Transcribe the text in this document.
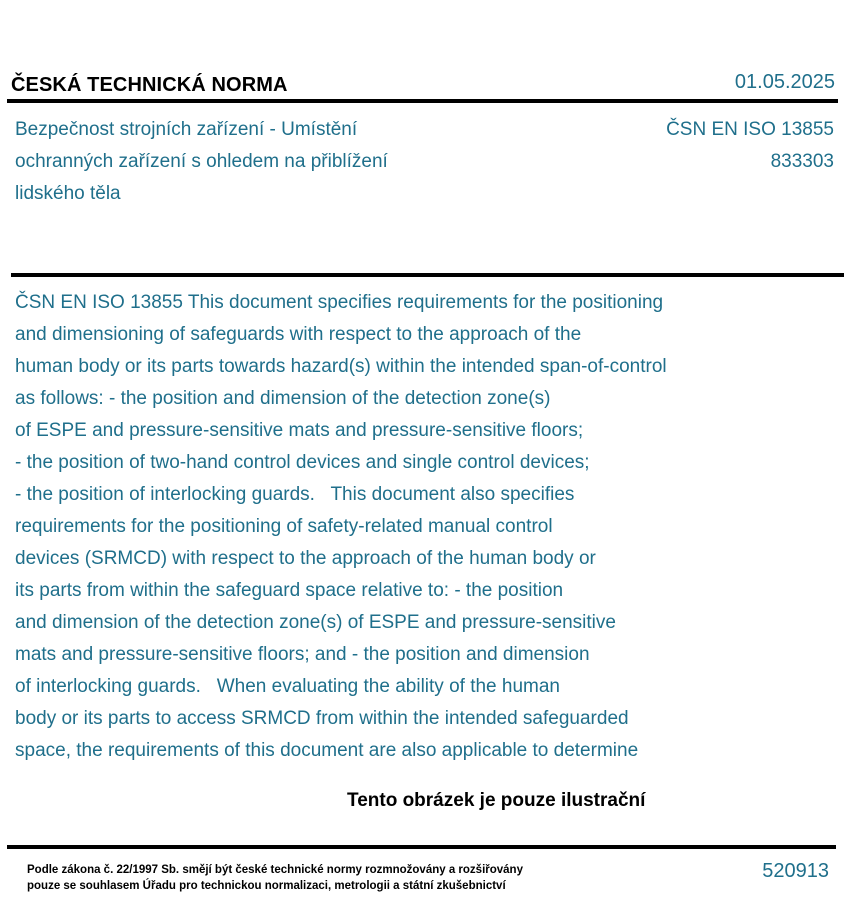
ČESKÁ TECHNICKÁ NORMA	01.05.2025
Bezpečnost strojních zařízení - Umístění
ochranných zařízení s ohledem na přiblížení
lidského těla
ČSN EN ISO 13855
833303
ČSN EN ISO 13855 This document specifies requirements for the positioning
and dimensioning of safeguards with respect to the approach of the
human body or its parts towards hazard(s) within the intended span-of-control
as follows: - the position and dimension of the detection zone(s)
of ESPE and pressure-sensitive mats and pressure-sensitive floors;
- the position of two-hand control devices and single control devices;
- the position of interlocking guards.   This document also specifies
requirements for the positioning of safety-related manual control
devices (SRMCD) with respect to the approach of the human body or
its parts from within the safeguard space relative to: - the position
and dimension of the detection zone(s) of ESPE and pressure-sensitive
mats and pressure-sensitive floors; and - the position and dimension
of interlocking guards.   When evaluating the ability of the human
body or its parts to access SRMCD from within the intended safeguarded
space, the requirements of this document are also applicable to determine
Tento obrázek je pouze ilustrační
Podle zákona č. 22/1997 Sb. smějí být české technické normy rozmnožovány a rozšiřovány
pouze se souhlasem Úřadu pro technickou normalizaci, metrologii a státní zkušebnictví
520913
